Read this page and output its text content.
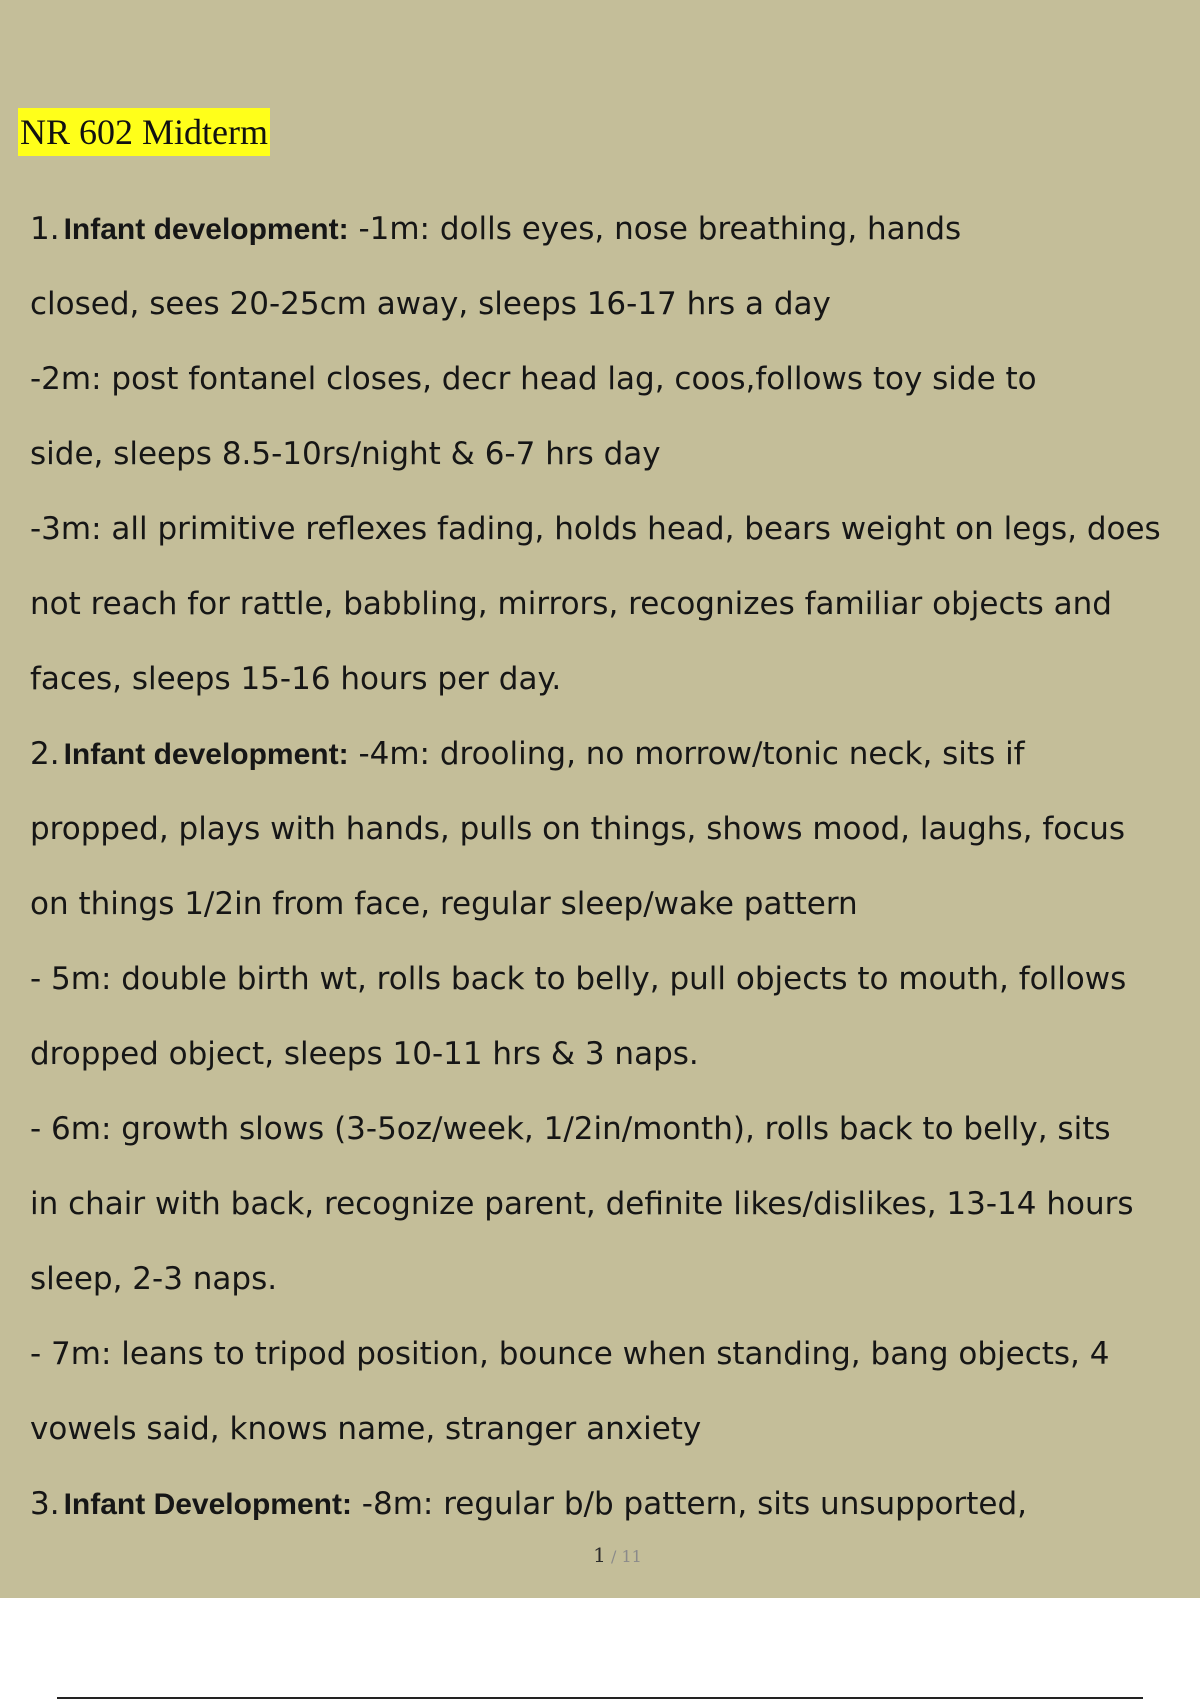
NR 602 Midterm
1. Infant development: -1m: dolls eyes, nose breathing, hands
closed, sees 20-25cm away, sleeps 16-17 hrs a day
-2m: post fontanel closes, decr head lag, coos,follows toy side to
side, sleeps 8.5-10rs/night & 6-7 hrs day
-3m: all primitive reflexes fading, holds head, bears weight on legs, does
not reach for rattle, babbling, mirrors, recognizes familiar objects and
faces, sleeps 15-16 hours per day.
2. Infant development: -4m: drooling, no morrow/tonic neck, sits if
propped, plays with hands, pulls on things, shows mood, laughs, focus
on things 1/2in from face, regular sleep/wake pattern
- 5m: double birth wt, rolls back to belly, pull objects to mouth, follows
dropped object, sleeps 10-11 hrs & 3 naps.
- 6m: growth slows (3-5oz/week, 1/2in/month), rolls back to belly, sits
in chair with back, recognize parent, definite likes/dislikes, 13-14 hours
sleep, 2-3 naps.
- 7m: leans to tripod position, bounce when standing, bang objects, 4
vowels said, knows name, stranger anxiety
3. Infant Development: -8m: regular b/b pattern, sits unsupported,
1 / 11
